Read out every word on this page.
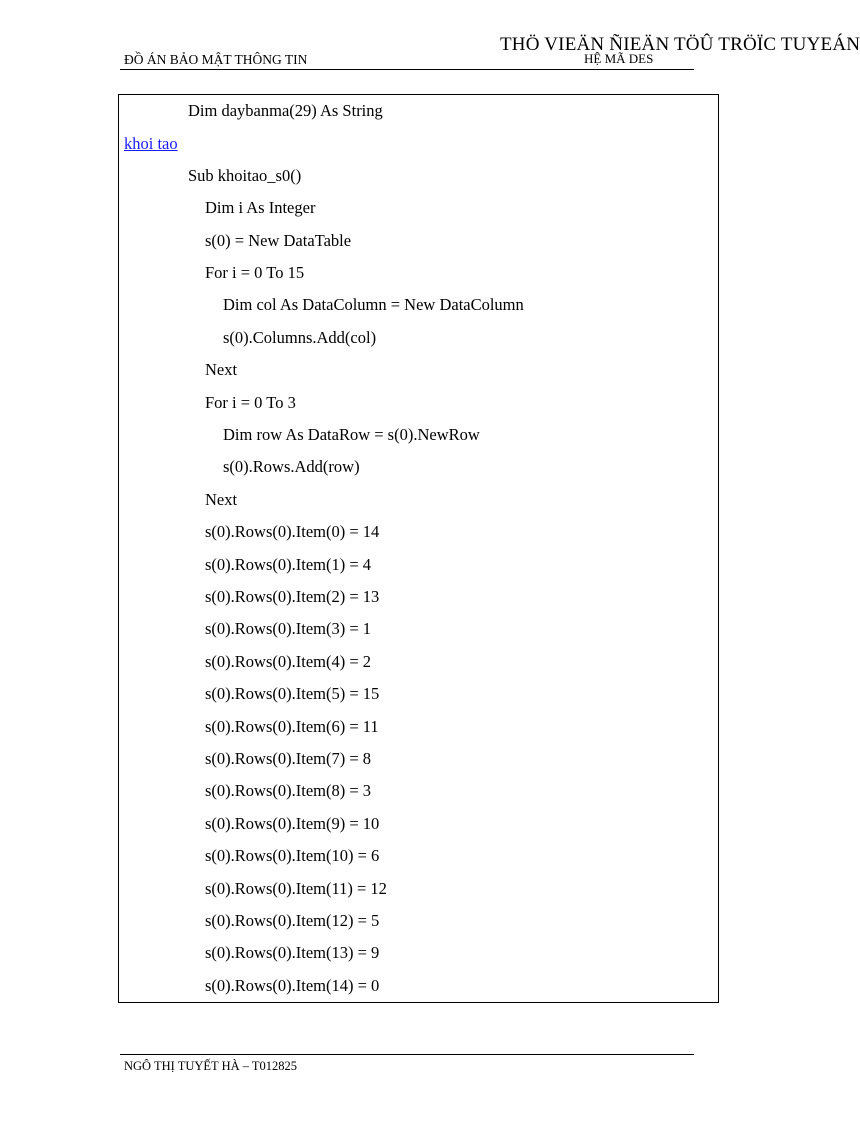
THÖ VIEÄN ÑIEÄN TÖÛ TRÖÏC TUYEÁN
ĐỒ ÁN BẢO MẬT THÔNG TIN	HỆ MÃ DES
Dim daybanma(29) As String
khoi tao
Sub khoitao_s0()
Dim i As Integer
s(0) = New DataTable
For i = 0 To 15
Dim col As DataColumn = New DataColumn
s(0).Columns.Add(col)
Next
For i = 0 To 3
Dim row As DataRow = s(0).NewRow
s(0).Rows.Add(row)
Next
s(0).Rows(0).Item(0) = 14
s(0).Rows(0).Item(1) = 4
s(0).Rows(0).Item(2) = 13
s(0).Rows(0).Item(3) = 1
s(0).Rows(0).Item(4) = 2
s(0).Rows(0).Item(5) = 15
s(0).Rows(0).Item(6) = 11
s(0).Rows(0).Item(7) = 8
s(0).Rows(0).Item(8) = 3
s(0).Rows(0).Item(9) = 10
s(0).Rows(0).Item(10) = 6
s(0).Rows(0).Item(11) = 12
s(0).Rows(0).Item(12) = 5
s(0).Rows(0).Item(13) = 9
s(0).Rows(0).Item(14) = 0
NGÔ THỊ TUYẾT HÀ – T012825
